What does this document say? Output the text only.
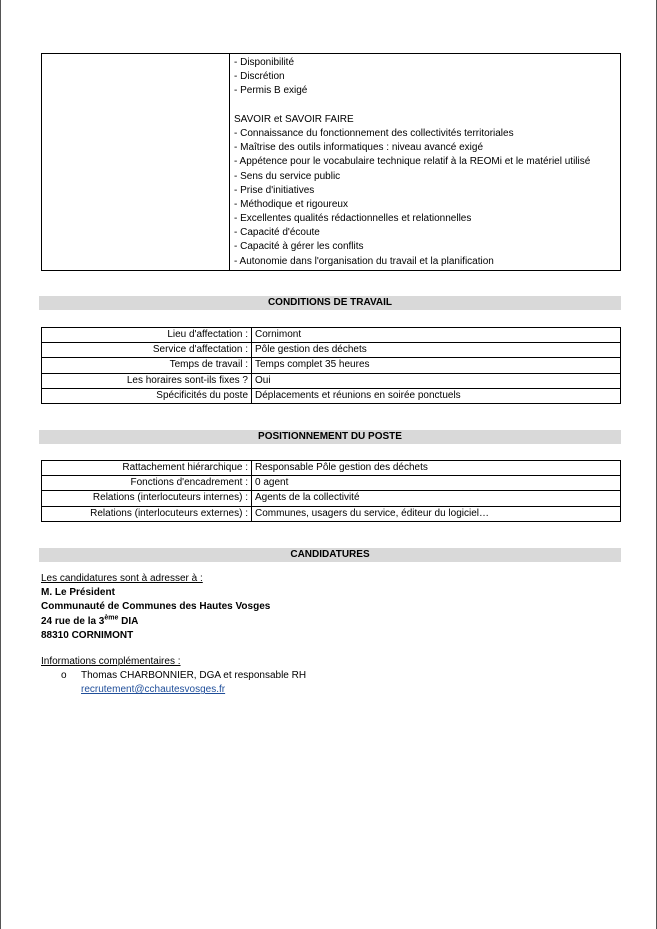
- Disponibilité
- Discrétion
- Permis B exigé
SAVOIR et SAVOIR FAIRE
- Connaissance du fonctionnement des collectivités territoriales
- Maîtrise des outils informatiques : niveau avancé exigé
- Appétence pour le vocabulaire technique relatif à la REOMi et le matériel utilisé
- Sens du service public
- Prise d'initiatives
- Méthodique et rigoureux
- Excellentes qualités rédactionnelles et relationnelles
- Capacité d'écoute
- Capacité à gérer les conflits
- Autonomie dans l'organisation du travail et la planification
CONDITIONS DE TRAVAIL
Lieu d'affectation :	Cornimont
Service d'affectation :	Pôle gestion des déchets
Temps de travail :	Temps complet 35 heures
Les horaires sont-ils fixes ?	Oui
Spécificités du poste	Déplacements et réunions en soirée ponctuels
POSITIONNEMENT DU POSTE
Rattachement hiérarchique :	Responsable Pôle gestion des déchets
Fonctions d'encadrement :	0 agent
Relations (interlocuteurs internes) :	Agents de la collectivité
Relations (interlocuteurs externes) :	Communes, usagers du service, éditeur du logiciel…
CANDIDATURES
Les candidatures sont à adresser à :
M. Le Président
Communauté de Communes des Hautes Vosges
24 rue de la 3ème DIA
88310 CORNIMONT
Informations complémentaires :
o Thomas CHARBONNIER, DGA et responsable RH
recrutement@cchautesvosges.fr
